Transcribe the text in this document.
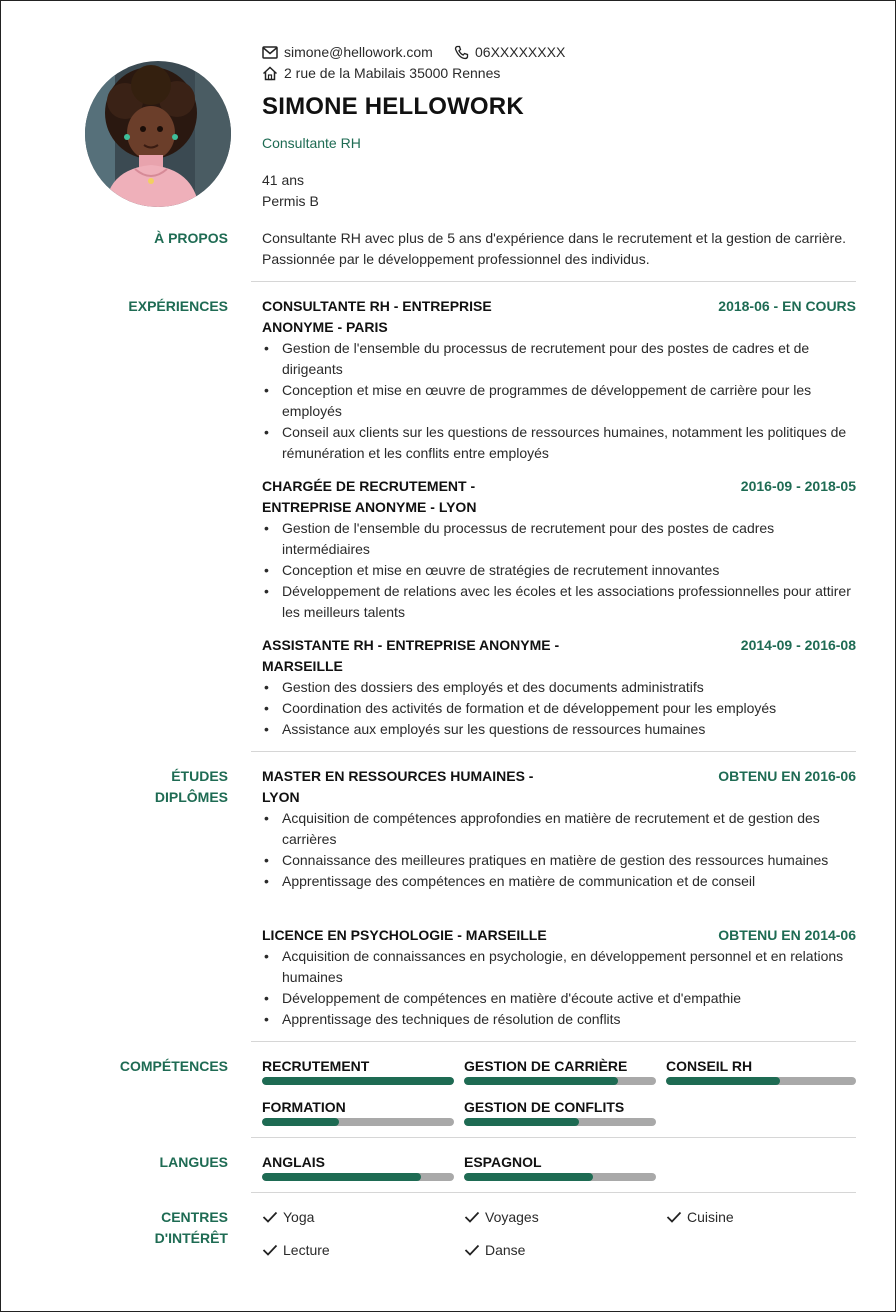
simone@hellowork.com	06XXXXXXXX
2 rue de la Mabilais 35000 Rennes
SIMONE HELLOWORK
Consultante RH
41 ans
Permis B
À PROPOS Consultante RH avec plus de 5 ans d'expérience dans le recrutement et la gestion de carrière. Passionnée par le développement professionnel des individus.
EXPÉRIENCES CONSULTANTE RH - ENTREPRISE ANONYME - PARIS
2018-06 - EN COURS
• Gestion de l'ensemble du processus de recrutement pour des postes de cadres et de dirigeants
• Conception et mise en œuvre de programmes de développement de carrière pour les employés
• Conseil aux clients sur les questions de ressources humaines, notamment les politiques de rémunération et les conflits entre employés
CHARGÉE DE RECRUTEMENT - ENTREPRISE ANONYME - LYON
2016-09 - 2018-05
• Gestion de l'ensemble du processus de recrutement pour des postes de cadres intermédiaires
• Conception et mise en œuvre de stratégies de recrutement innovantes
• Développement de relations avec les écoles et les associations professionnelles pour attirer les meilleurs talents
ASSISTANTE RH - ENTREPRISE ANONYME - MARSEILLE
2014-09 - 2016-08
• Gestion des dossiers des employés et des documents administratifs
• Coordination des activités de formation et de développement pour les employés
• Assistance aux employés sur les questions de ressources humaines
ÉTUDES
DIPLÔMES
MASTER EN RESSOURCES HUMAINES - LYON
OBTENU EN 2016-06
• Acquisition de compétences approfondies en matière de recrutement et de gestion des carrières
• Connaissance des meilleures pratiques en matière de gestion des ressources humaines
• Apprentissage des compétences en matière de communication et de conseil
LICENCE EN PSYCHOLOGIE - MARSEILLE	OBTENU EN 2014-06
• Acquisition de connaissances en psychologie, en développement personnel et en relations humaines
• Développement de compétences en matière d'écoute active et d'empathie
• Apprentissage des techniques de résolution de conflits
COMPÉTENCES RECRUTEMENT	GESTION DE CARRIÈRE	CONSEIL RH
FORMATION	GESTION DE CONFLITS
LANGUES ANGLAIS	ESPAGNOL
CENTRES
D'INTÉRÊT
Yoga	Voyages	Cuisine
Lecture	Danse
